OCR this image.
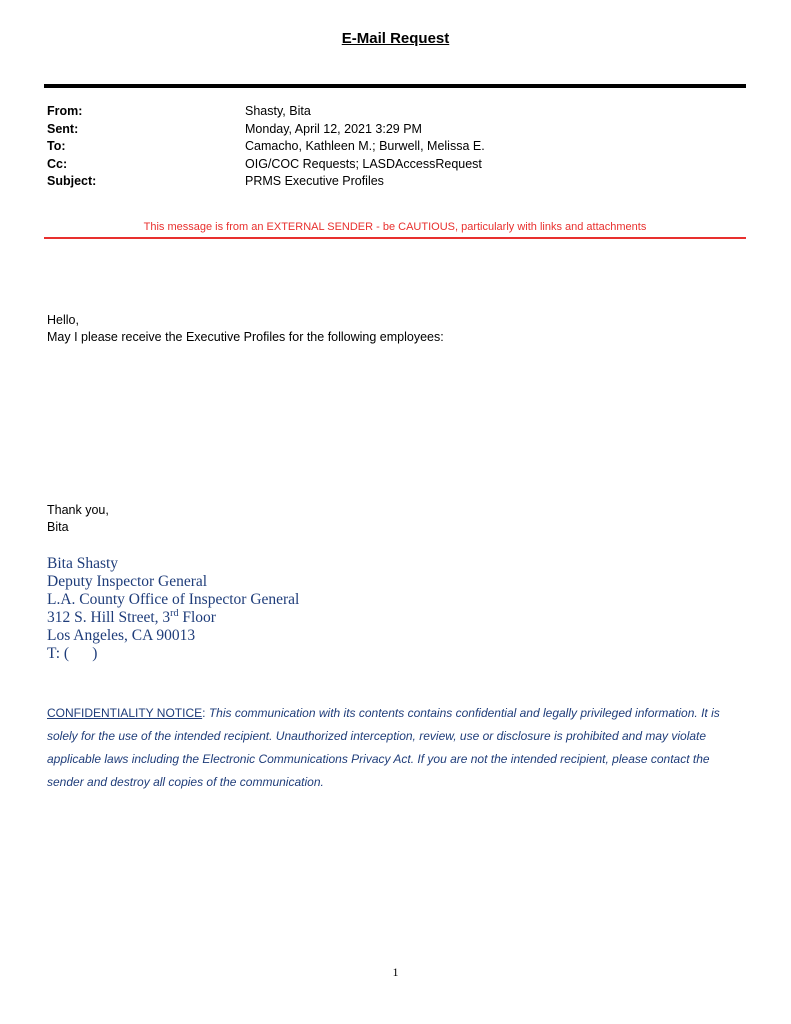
E-Mail Request
From:	Shasty, Bita
Sent:	Monday, April 12, 2021 3:29 PM
To:	Camacho, Kathleen M.; Burwell, Melissa E.
Cc:	OIG/COC Requests; LASDAccessRequest
Subject:	PRMS Executive Profiles
This message is from an EXTERNAL SENDER - be CAUTIOUS, particularly with links and attachments
Hello,
May I please receive the Executive Profiles for the following employees:
Thank you,
Bita
Bita Shasty
Deputy Inspector General
L.A. County Office of Inspector General
312 S. Hill Street, 3rd Floor
Los Angeles, CA 90013
T: (      )
CONFIDENTIALITY NOTICE: This communication with its contents contains confidential and legally privileged information. It is solely for the use of the intended recipient. Unauthorized interception, review, use or disclosure is prohibited and may violate applicable laws including the Electronic Communications Privacy Act. If you are not the intended recipient, please contact the sender and destroy all copies of the communication.
1
